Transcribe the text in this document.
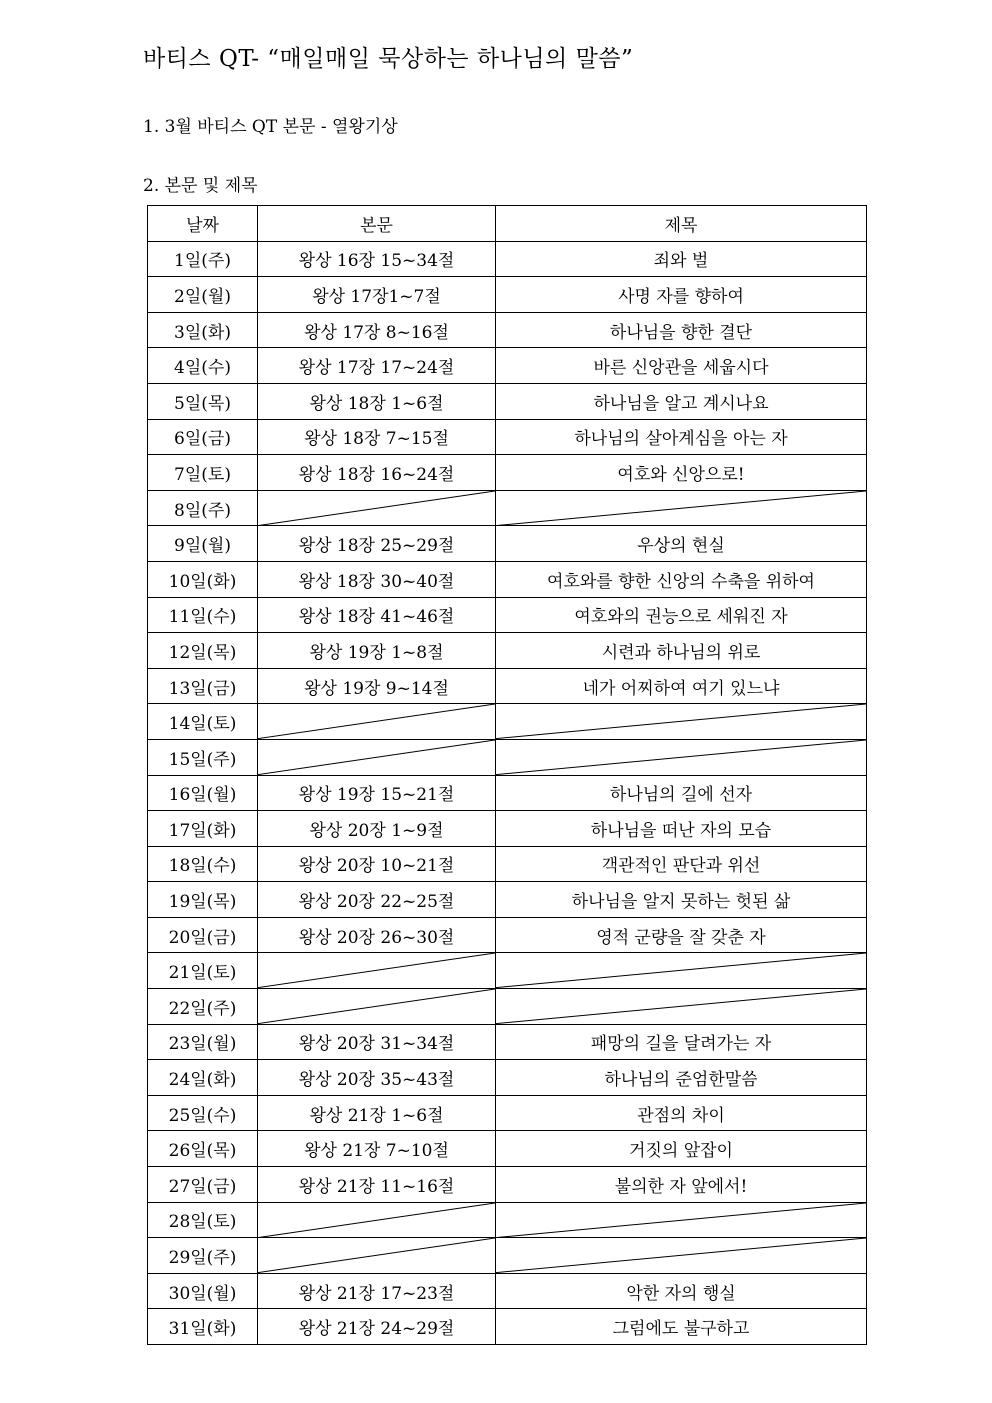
바티스 QT- “매일매일 묵상하는 하나님의 말씀”
1. 3월 바티스 QT 본문 - 열왕기상
2. 본문 및 제목
날짜	본문	제목
1일(주)	왕상 16장 15~34절	죄와 벌
2일(월)	왕상 17장1~7절	사명 자를 향하여
3일(화)	왕상 17장 8~16절	하나님을 향한 결단
4일(수)	왕상 17장 17~24절	바른 신앙관을 세웁시다
5일(목)	왕상 18장 1~6절	하나님을 알고 계시나요
6일(금)	왕상 18장 7~15절	하나님의 살아계심을 아는 자
7일(토)	왕상 18장 16~24절	여호와 신앙으로!
8일(주)	

9일(월)	왕상 18장 25~29절	우상의 현실
10일(화)	왕상 18장 30~40절	여호와를 향한 신앙의 수축을 위하여
11일(수)	왕상 18장 41~46절	여호와의 권능으로 세워진 자
12일(목)	왕상 19장 1~8절	시련과 하나님의 위로
13일(금)	왕상 19장 9~14절	네가 어찌하여 여기 있느냐
14일(토)	

15일(주)	

16일(월)	왕상 19장 15~21절	하나님의 길에 선자
17일(화)	왕상 20장 1~9절	하나님을 떠난 자의 모습
18일(수)	왕상 20장 10~21절	객관적인 판단과 위선
19일(목)	왕상 20장 22~25절	하나님을 알지 못하는 헛된 삶
20일(금)	왕상 20장 26~30절	영적 군량을 잘 갖춘 자
21일(토)	

22일(주)	

23일(월)	왕상 20장 31~34절	패망의 길을 달려가는 자
24일(화)	왕상 20장 35~43절	하나님의 준엄한말씀
25일(수)	왕상 21장 1~6절	관점의 차이
26일(목)	왕상 21장 7~10절	거짓의 앞잡이
27일(금)	왕상 21장 11~16절	불의한 자 앞에서!
28일(토)	

29일(주)	

30일(월)	왕상 21장 17~23절	악한 자의 행실
31일(화)	왕상 21장 24~29절	그럼에도 불구하고
